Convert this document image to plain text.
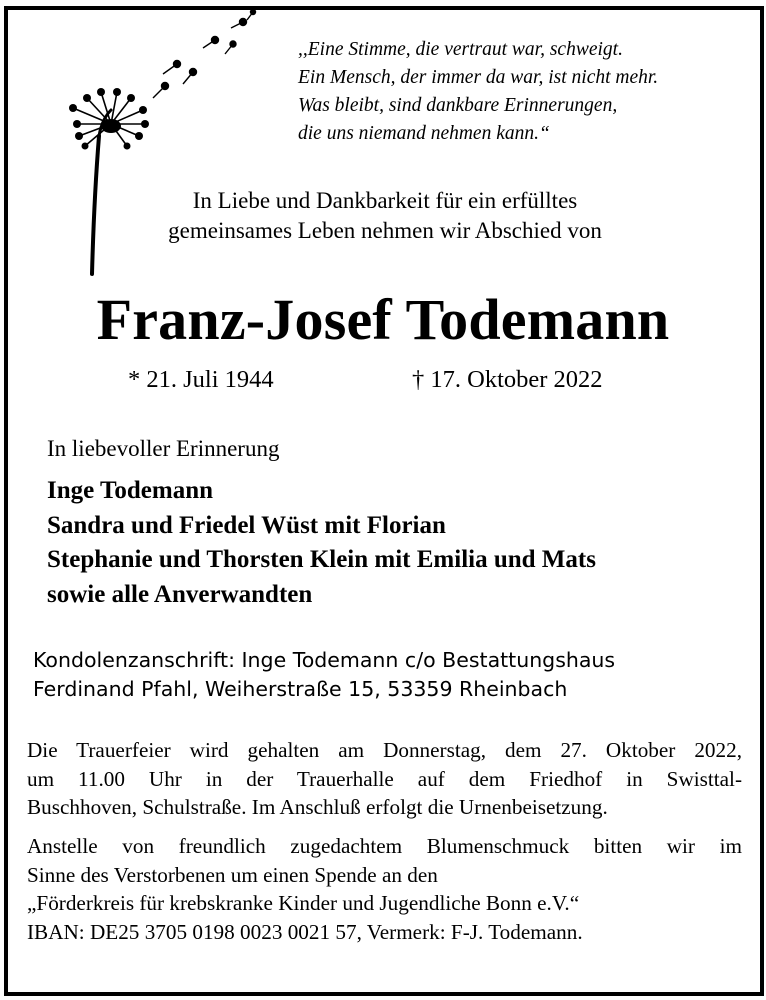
,,Eine Stimme, die vertraut war, schweigt.
Ein Mensch, der immer da war, ist nicht mehr.
Was bleibt, sind dankbare Erinnerungen,
die uns niemand nehmen kann.“
In Liebe und Dankbarkeit für ein erfülltes
gemeinsames Leben nehmen wir Abschied von
Franz-Josef Todemann
* 21. Juli 1944	† 17. Oktober 2022
In liebevoller Erinnerung
Inge Todemann
Sandra und Friedel Wüst mit Florian
Stephanie und Thorsten Klein mit Emilia und Mats
sowie alle Anverwandten
Kondolenzanschrift: Inge Todemann c/o Bestattungshaus
Ferdinand Pfahl, Weiherstraße 15, 53359 Rheinbach
Die Trauerfeier wird gehalten am Donnerstag, dem 27. Oktober 2022,
um 11.00 Uhr in der Trauerhalle auf dem Friedhof in Swisttal-
Buschhoven, Schulstraße. Im Anschluß erfolgt die Urnenbeisetzung.
Anstelle von freundlich zugedachtem Blumenschmuck bitten wir im
Sinne des Verstorbenen um einen Spende an den
„Förderkreis für krebskranke Kinder und Jugendliche Bonn e.V.“
IBAN: DE25 3705 0198 0023 0021 57, Vermerk: F-J. Todemann.
